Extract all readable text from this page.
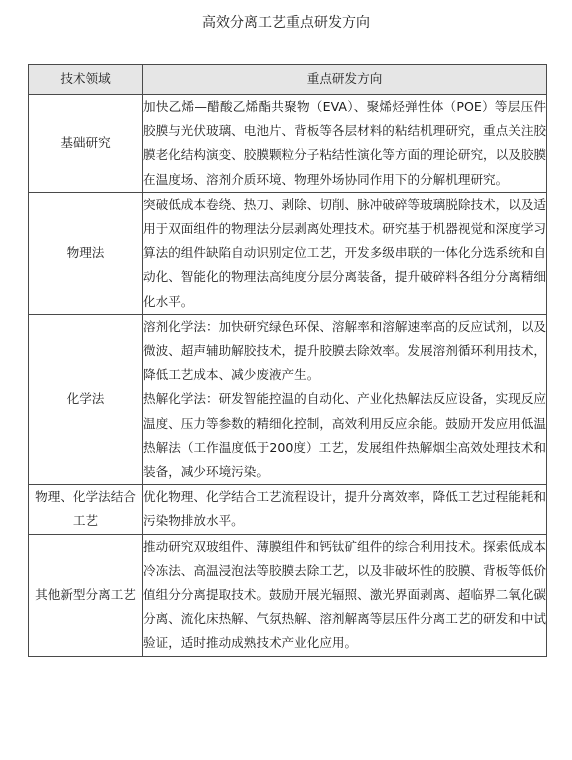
高效分离工艺重点研发方向
技术领域	重点研发方向
基础研究	加快乙烯—醋酸乙烯酯共聚物（EVA）、聚烯烃弹性体（POE）等层压件胶膜与光伏玻璃、电池片、背板等各层材料的粘结机理研究，重点关注胶膜老化结构演变、胶膜颗粒分子粘结性演化等方面的理论研究，以及胶膜在温度场、溶剂介质环境、物理外场协同作用下的分解机理研究。

物理法	突破低成本卷绕、热刀、剥除、切削、脉冲破碎等玻璃脱除技术，以及适用于双面组件的物理法分层剥离处理技术。研究基于机器视觉和深度学习算法的组件缺陷自动识别定位工艺，开发多级串联的一体化分选系统和自动化、智能化的物理法高纯度分层分离装备，提升破碎料各组分分离精细化水平。

化学法	溶剂化学法：加快研究绿色环保、溶解率和溶解速率高的反应试剂，以及微波、超声辅助解胶技术，提升胶膜去除效率。发展溶剂循环利用技术，降低工艺成本、减少废液产生。

热解化学法：研发智能控温的自动化、产业化热解法反应设备，实现反应温度、压力等参数的精细化控制，高效利用反应余能。鼓励开发应用低温热解法（工作温度低于200度）工艺，发展组件热解烟尘高效处理技术和装备，减少环境污染。

物理、化学法结合工艺	优化物理、化学结合工艺流程设计，提升分离效率，降低工艺过程能耗和污染物排放水平。

其他新型分离工艺	推动研究双玻组件、薄膜组件和钙钛矿组件的综合利用技术。探索低成本冷冻法、高温浸泡法等胶膜去除工艺，以及非破坏性的胶膜、背板等低价值组分分离提取技术。鼓励开展光辐照、激光界面剥离、超临界二氧化碳分离、流化床热解、气氛热解、溶剂解离等层压件分离工艺的研发和中试验证，适时推动成熟技术产业化应用。
